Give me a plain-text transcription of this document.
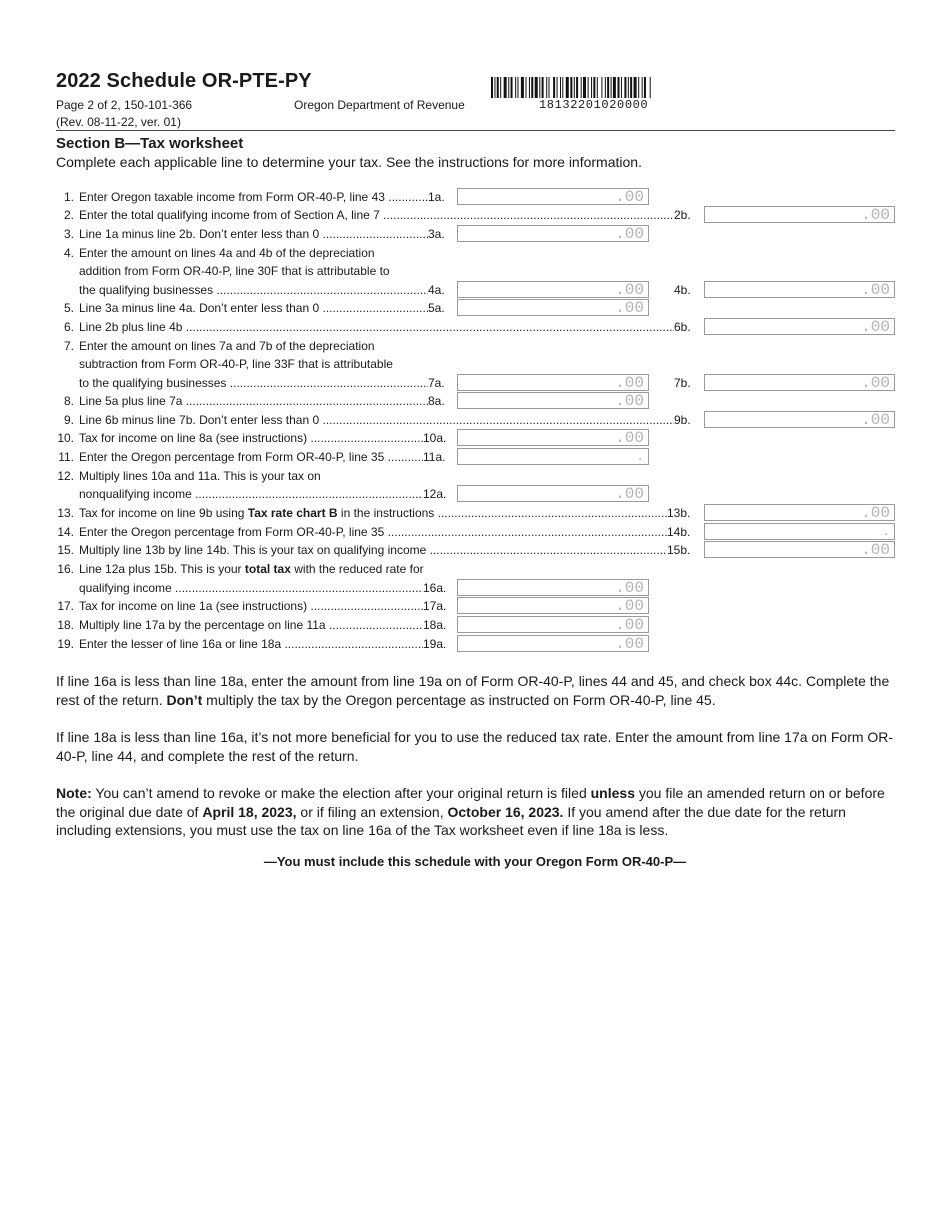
2022 Schedule OR-PTE-PY
Page 2 of 2, 150-101-366
(Rev. 08-11-22, ver. 01)
Oregon Department of Revenue	18132201020000
Section B—Tax worksheet
Complete each applicable line to determine your tax. See the instructions for more information.
1. Enter Oregon taxable income from Form OR-40-P, line 43 .....	1a.	.00
2. Enter the total qualifying income from of Section A, line 7 .....	2b.	.00
3. Line 1a minus line 2b. Don’t enter less than 0 .....	3a.	.00
4. Enter the amount on lines 4a and 4b of the depreciation
addition from Form OR-40-P, line 30F that is attributable to
the qualifying businesses .....	4a.	.00	4b.	.00
5. Line 3a minus line 4a. Don’t enter less than 0 .....	5a.	.00
6. Line 2b plus line 4b .....	6b.	.00
7. Enter the amount on lines 7a and 7b of the depreciation
subtraction from Form OR-40-P, line 33F that is attributable
to the qualifying businesses .....	7a.	.00	7b.	.00
8. Line 5a plus line 7a .....	8a.	.00
9. Line 6b minus line 7b. Don’t enter less than 0 .....	9b.	.00
10. Tax for income on line 8a (see instructions) .....	10a.	.00
11. Enter the Oregon percentage from Form OR-40-P, line 35 .....	11a.	.
12. Multiply lines 10a and 11a. This is your tax on
nonqualifying income .....	12a.	.00
13. Tax for income on line 9b using Tax rate chart B in the instructions .....	13b.	.00
14. Enter the Oregon percentage from Form OR-40-P, line 35 .....	14b.	.
15. Multiply line 13b by line 14b. This is your tax on qualifying income .....	15b.	.00
16. Line 12a plus 15b. This is your total tax with the reduced rate for
qualifying income .....	16a.	.00
17. Tax for income on line 1a (see instructions) .....	17a.	.00
18. Multiply line 17a by the percentage on line 11a .....	18a.	.00
19. Enter the lesser of line 16a or line 18a .....	19a.	.00

If line 16a is less than line 18a, enter the amount from line 19a on of Form OR-40-P, lines 44 and 45, and check box 44c. Complete the rest of the return. Don’t multiply the tax by the Oregon percentage as instructed on Form OR-40-P, line 45.

If line 18a is less than line 16a, it’s not more beneficial for you to use the reduced tax rate. Enter the amount from line 17a on Form OR-40-P, line 44, and complete the rest of the return.

Note: You can’t amend to revoke or make the election after your original return is filed unless you file an amended return on or before the original due date of April 18, 2023, or if filing an extension, October 16, 2023. If you amend after the due date for the return including extensions, you must use the tax on line 16a of the Tax worksheet even if line 18a is less.

—You must include this schedule with your Oregon Form OR-40-P—
